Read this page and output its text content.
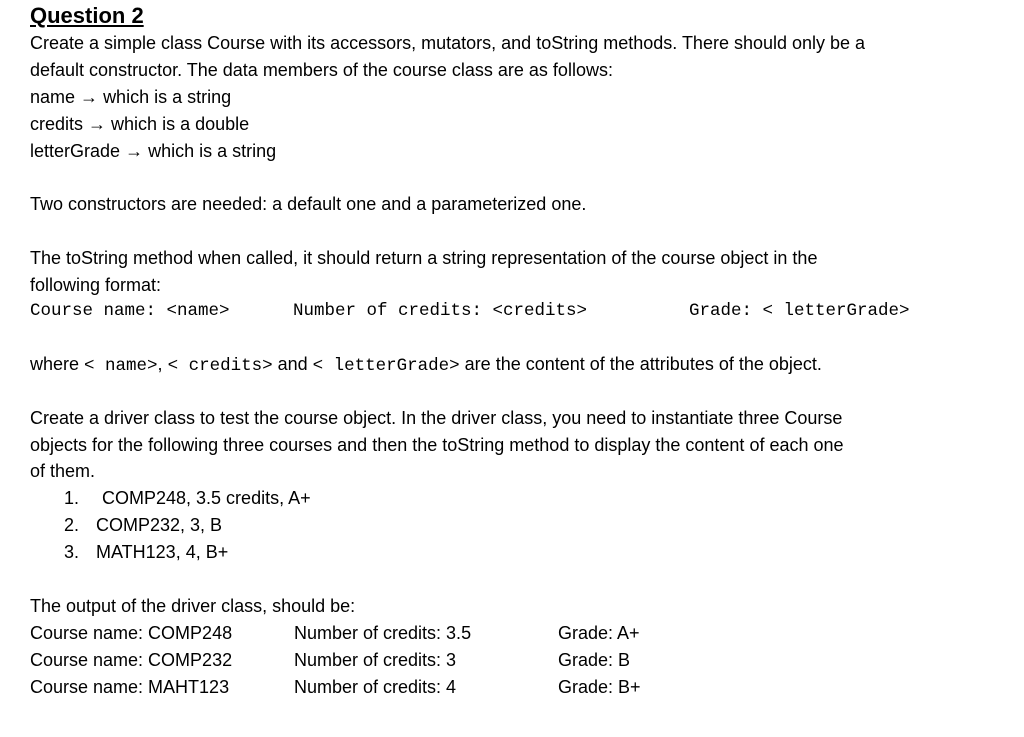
Question 2
Create a simple class Course with its accessors, mutators, and toString methods. There should only be a
default constructor. The data members of the course class are as follows:
name → which is a string
credits → which is a double
letterGrade → which is a string
Two constructors are needed: a default one and a parameterized one.
The toString method when called, it should return a string representation of the course object in the
following format:
Course name: <name>	Number of credits: <credits>	Grade: < letterGrade>
where < name>, < credits> and < letterGrade> are the content of the attributes of the object.
Create a driver class to test the course object. In the driver class, you need to instantiate three Course
objects for the following three courses and then the toString method to display the content of each one
of them.
1. COMP248, 3.5 credits, A+
2. COMP232, 3, B
3. MATH123, 4, B+
The output of the driver class, should be:
Course name: COMP248	Number of credits: 3.5	Grade: A+
Course name: COMP232	Number of credits: 3	Grade: B
Course name: MAHT123	Number of credits: 4	Grade: B+
